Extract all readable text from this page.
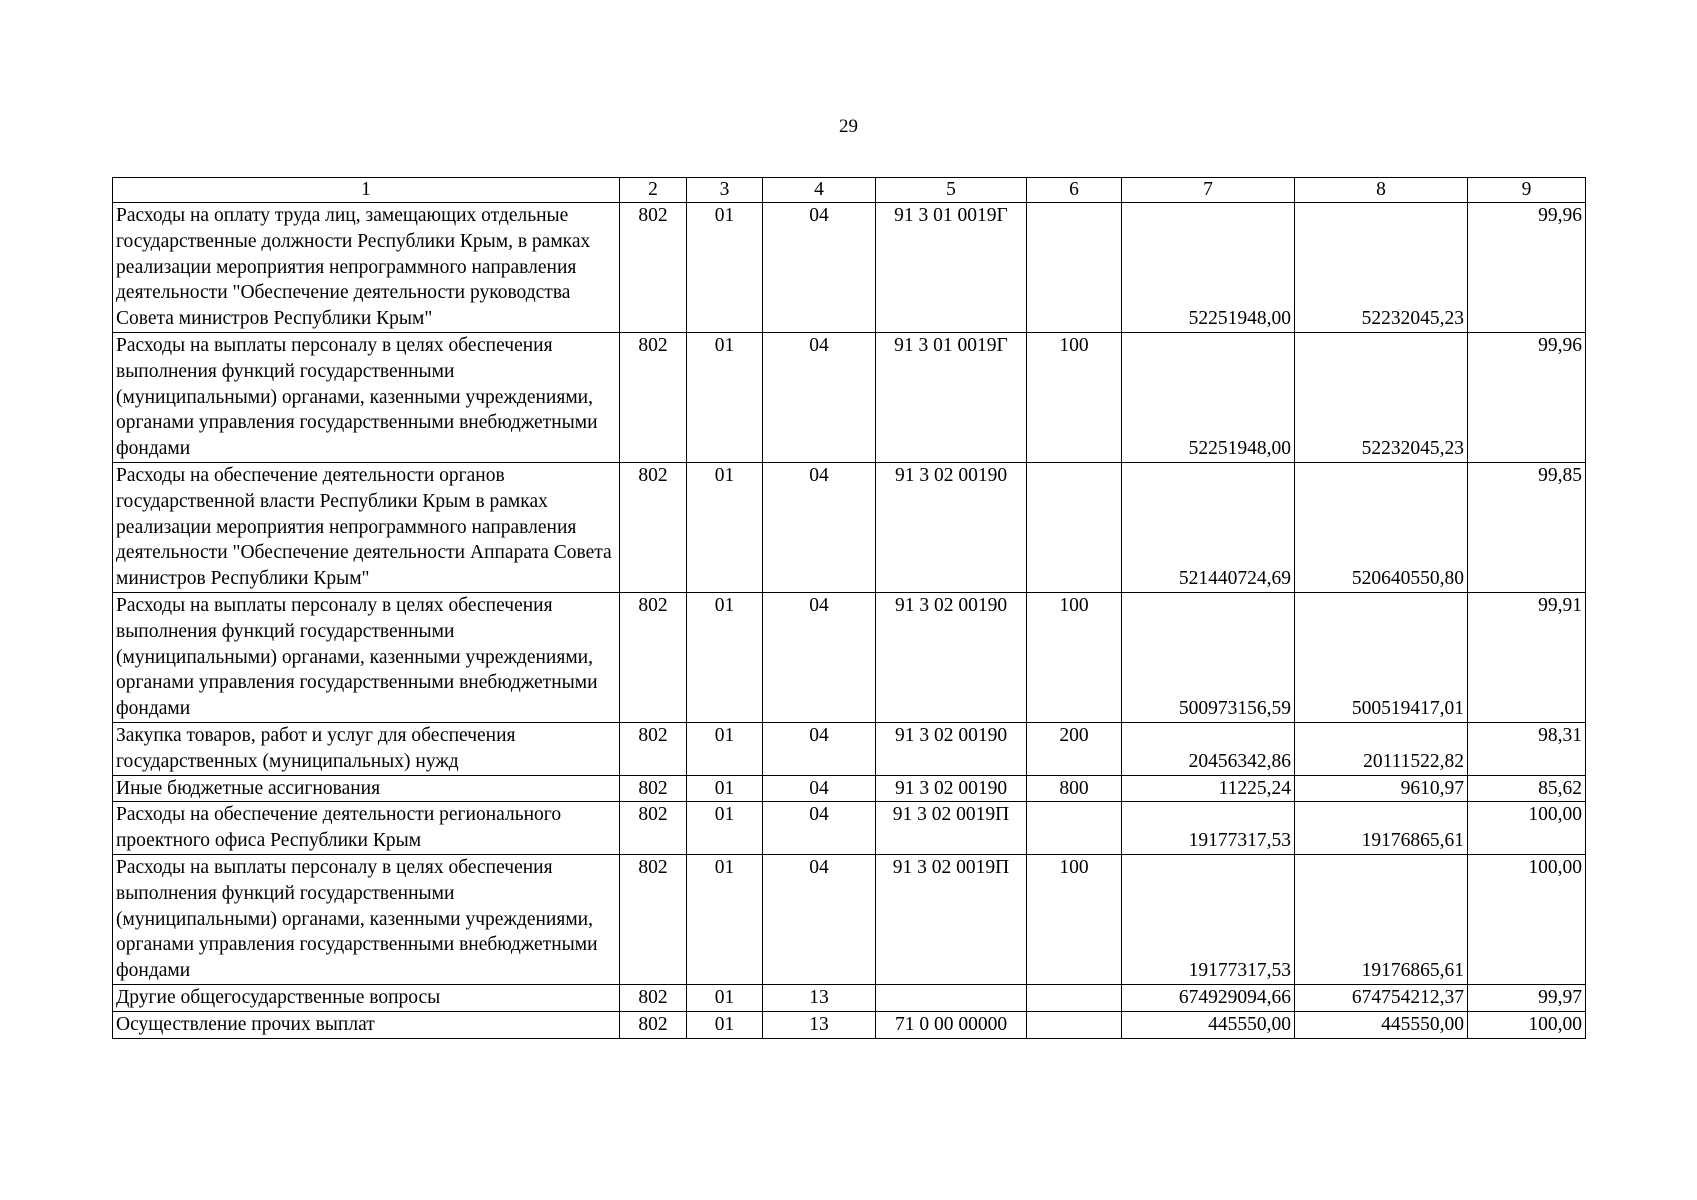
29
1	2	3	4	5	6	7	8	9
Расходы на оплату труда лиц, замещающих отдельные государственные должности Республики Крым, в рамках реализации мероприятия непрограммного направления деятельности "Обеспечение деятельности руководства Совета министров Республики Крым"	802	01	04	91 3 01 0019Г		52251948,00	52232045,23	99,96
Расходы на выплаты персоналу в целях обеспечения выполнения функций государственными (муниципальными) органами, казенными учреждениями, органами управления государственными внебюджетными фондами	802	01	04	91 3 01 0019Г	100	52251948,00	52232045,23	99,96
Расходы на обеспечение деятельности органов государственной власти Республики Крым в рамках реализации мероприятия непрограммного направления деятельности "Обеспечение деятельности Аппарата Совета министров Республики Крым"	802	01	04	91 3 02 00190		521440724,69	520640550,80	99,85
Расходы на выплаты персоналу в целях обеспечения выполнения функций государственными (муниципальными) органами, казенными учреждениями, органами управления государственными внебюджетными фондами	802	01	04	91 3 02 00190	100	500973156,59	500519417,01	99,91
Закупка товаров, работ и услуг для обеспечения государственных (муниципальных) нужд	802	01	04	91 3 02 00190	200	20456342,86	20111522,82	98,31
Иные бюджетные ассигнования	802	01	04	91 3 02 00190	800	11225,24	9610,97	85,62
Расходы на обеспечение деятельности регионального проектного офиса Республики Крым	802	01	04	91 3 02 0019П		19177317,53	19176865,61	100,00
Расходы на выплаты персоналу в целях обеспечения выполнения функций государственными (муниципальными) органами, казенными учреждениями, органами управления государственными внебюджетными фондами	802	01	04	91 3 02 0019П	100	19177317,53	19176865,61	100,00
Другие общегосударственные вопросы	802	01	13			674929094,66	674754212,37	99,97
Осуществление прочих выплат	802	01	13	71 0 00 00000		445550,00	445550,00	100,00
